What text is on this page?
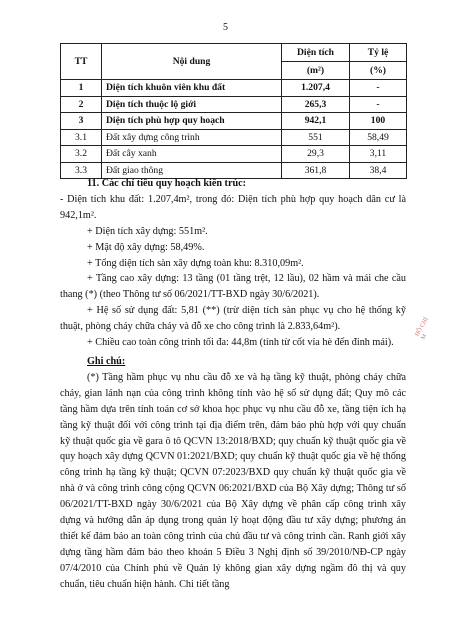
5
TT	Nội dung	Diện tích	Tỷ lệ
		(m²)	(%)
1	Diện tích khuôn viên khu đất	1.207,4	-
2	Diện tích thuộc lộ giới	265,3	-
3	Diện tích phù hợp quy hoạch	942,1	100
3.1	Đất xây dựng công trình	551	58,49
3.2	Đất cây xanh	29,3	3,11
3.3	Đất giao thông	361,8	38,4

11. Các chỉ tiêu quy hoạch kiến trúc:

- Diện tích khu đất: 1.207,4m², trong đó: Diện tích phù hợp quy hoạch dân cư là 942,1m².

+ Diện tích xây dựng: 551m².

+ Mật độ xây dựng: 58,49%.

+ Tổng diện tích sàn xây dựng toàn khu: 8.310,09m².

+ Tầng cao xây dựng: 13 tầng (01 tầng trệt, 12 lầu), 02 hầm và mái che cầu thang (*) (theo Thông tư số 06/2021/TT-BXD ngày 30/6/2021).

+ Hệ số sử dụng đất: 5,81 (**) (trừ diện tích sàn phục vụ cho hệ thống kỹ thuật, phòng cháy chữa cháy và đỗ xe cho công trình là 2.833,64m²).

+ Chiều cao toàn công trình tối đa: 44,8m (tính từ cốt vỉa hè đến đỉnh mái).

Ghi chú:

(*) Tầng hầm phục vụ nhu cầu đỗ xe và hạ tầng kỹ thuật, phòng cháy chữa cháy, gian lánh nạn của công trình không tính vào hệ số sử dụng đất; Quy mô các tầng hầm dựa trên tính toán cơ sở khoa học phục vụ nhu cầu đỗ xe, tầng tiện ích hạ tầng kỹ thuật đối với công trình tại địa điểm trên, đảm bảo phù hợp với quy chuẩn kỹ thuật quốc gia về gara ô tô QCVN 13:2018/BXD; quy chuẩn kỹ thuật quốc gia về quy hoạch xây dựng QCVN 01:2021/BXD; quy chuẩn kỹ thuật quốc gia về hệ thống công trình hạ tầng kỹ thuật; QCVN 07:2023/BXD quy chuẩn kỹ thuật quốc gia về nhà ở và công trình công cộng QCVN 06:2021/BXD của Bộ Xây dựng; Thông tư số 06/2021/TT-BXD ngày 30/6/2021 của Bộ Xây dựng về phân cấp công trình xây dựng và hướng dẫn áp dụng trong quản lý hoạt động đầu tư xây dựng; phương án thiết kế đảm bảo an toàn công trình của chủ đầu tư và công trình cần. Ranh giới xây dựng tầng hầm đảm bảo theo khoản 5 Điều 3 Nghị định số 39/2010/NĐ-CP ngày 07/4/2010 của Chính phủ về Quản lý không gian xây dựng ngầm đô thị và quy chuẩn, tiêu chuẩn hiện hành. Chi tiết tầng

HỒ CHÍ M
